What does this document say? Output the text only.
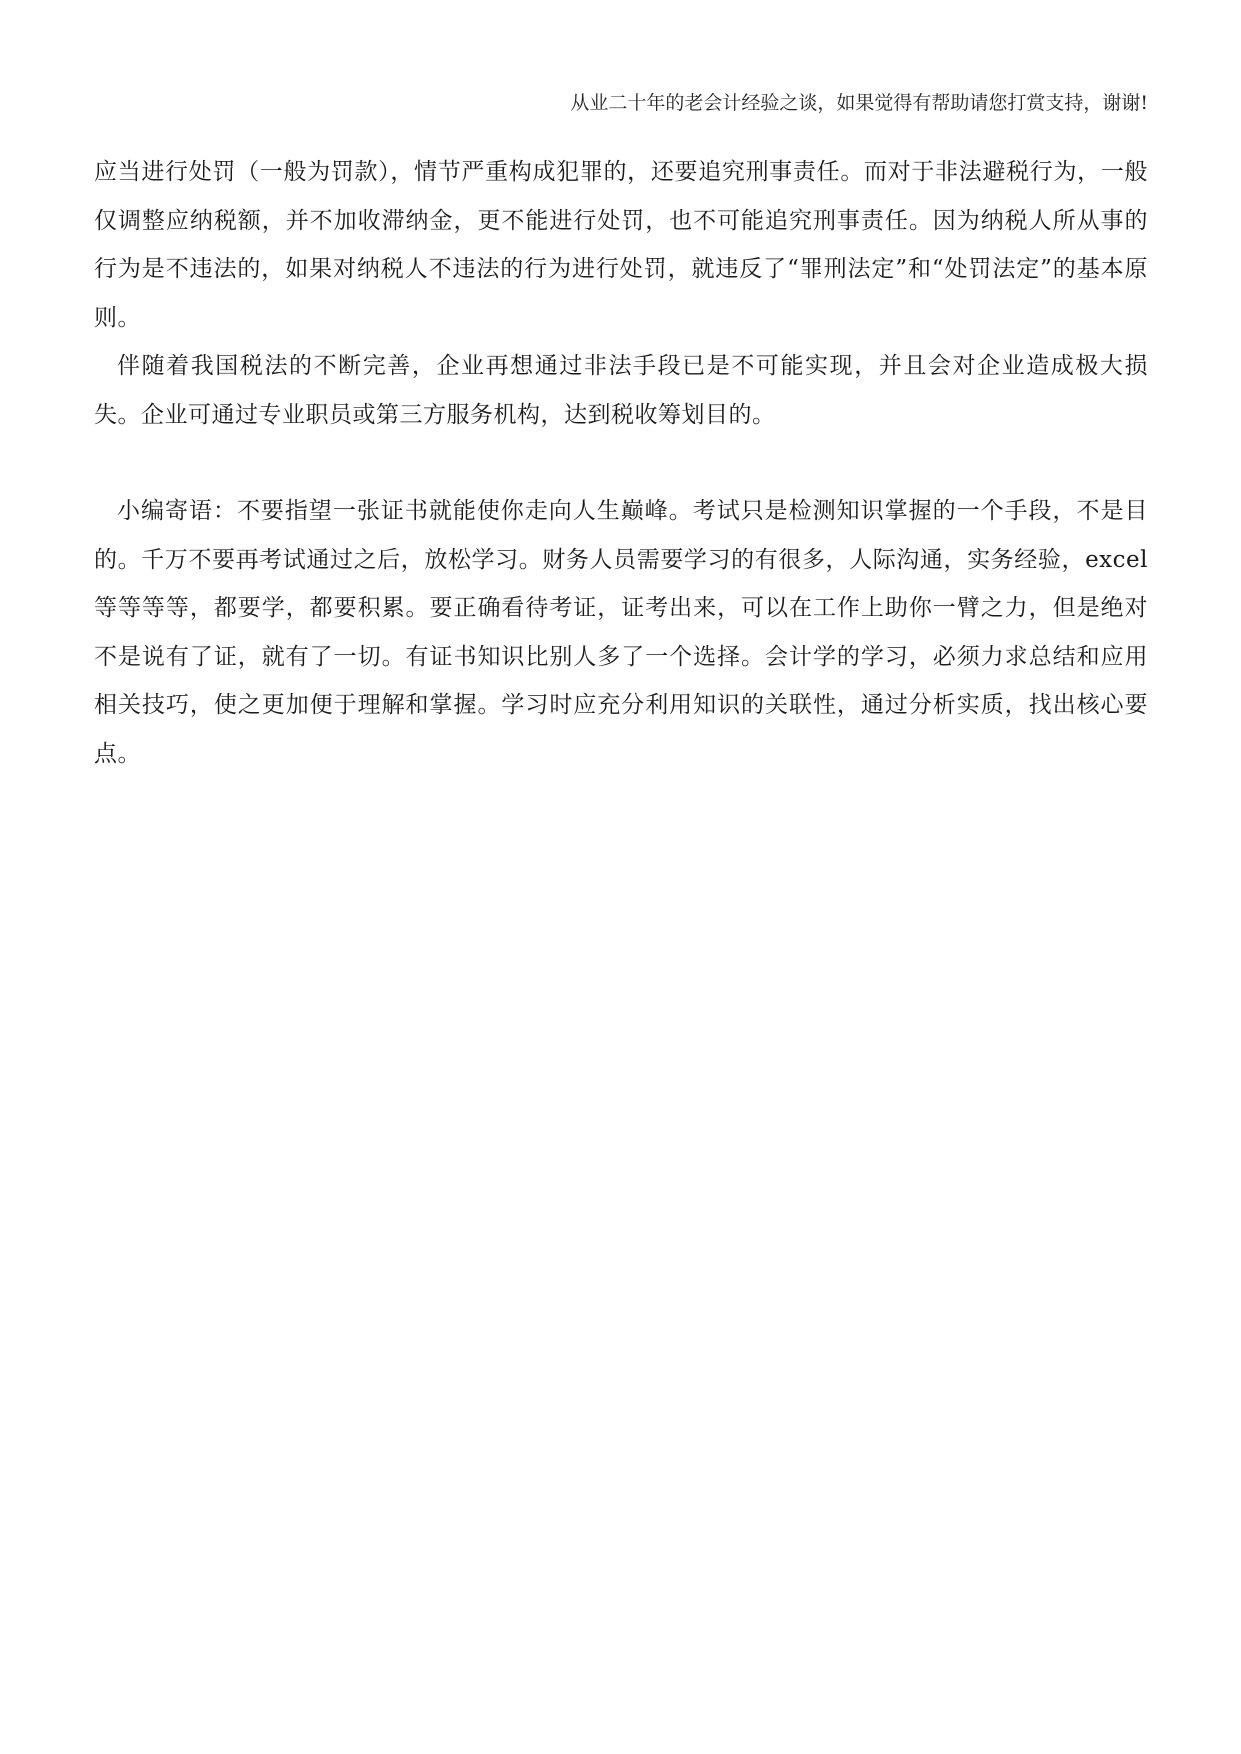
从业二十年的老会计经验之谈，如果觉得有帮助请您打赏支持，谢谢!

应当进行处罚（一般为罚款），情节严重构成犯罪的，还要追究刑事责任。而对于非法避税行为，一般仅调整应纳税额，并不加收滞纳金，更不能进行处罚，也不可能追究刑事责任。因为纳税人所从事的行为是不违法的，如果对纳税人不违法的行为进行处罚，就违反了“罪刑法定”和“处罚法定”的基本原则。

伴随着我国税法的不断完善，企业再想通过非法手段已是不可能实现，并且会对企业造成极大损失。企业可通过专业职员或第三方服务机构，达到税收筹划目的。

小编寄语：不要指望一张证书就能使你走向人生巅峰。考试只是检测知识掌握的一个手段，不是目的。千万不要再考试通过之后，放松学习。财务人员需要学习的有很多，人际沟通，实务经验，excel 等等等等，都要学，都要积累。要正确看待考证，证考出来，可以在工作上助你一臂之力，但是绝对不是说有了证，就有了一切。有证书知识比别人多了一个选择。会计学的学习，必须力求总结和应用相关技巧，使之更加便于理解和掌握。学习时应充分利用知识的关联性，通过分析实质，找出核心要点。
